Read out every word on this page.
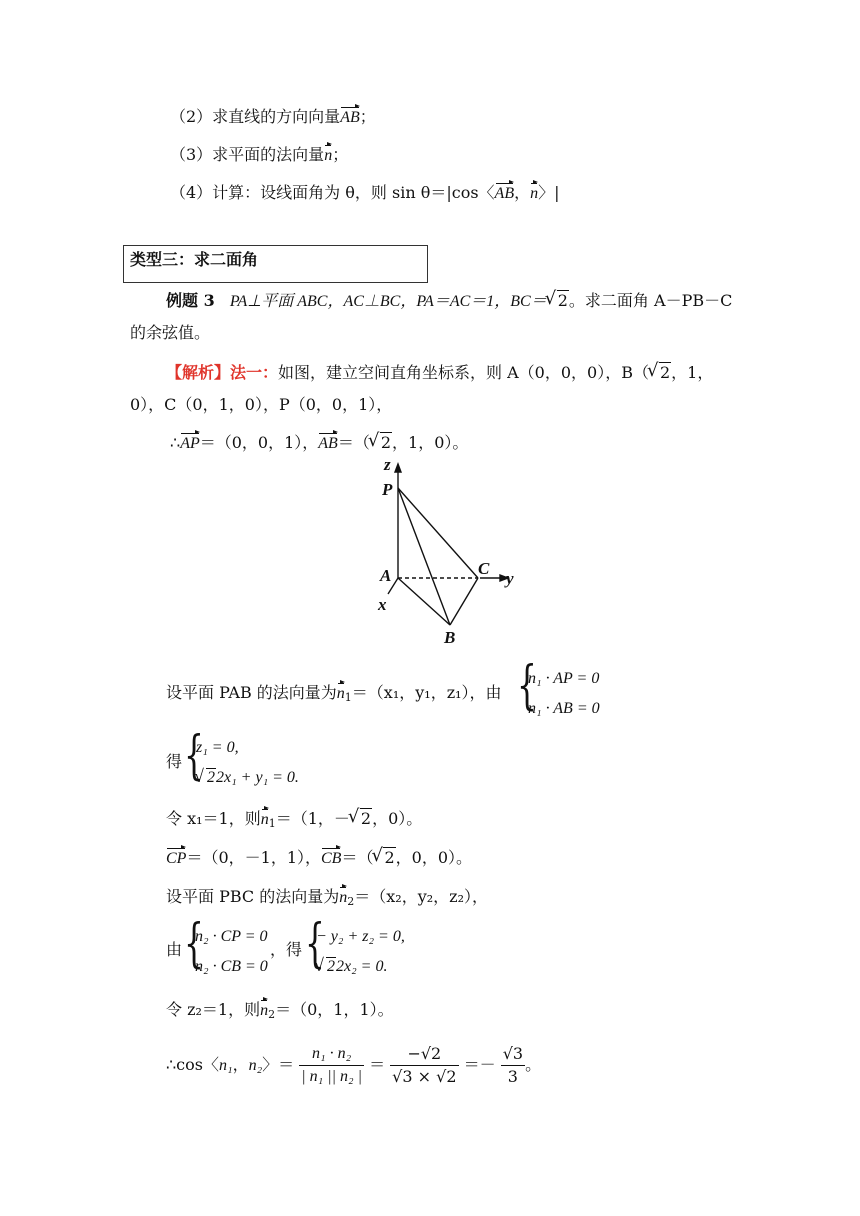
（2）求直线的方向向量AB；
（3）求平面的法向量n；
（4）计算：设线面角为 θ，则 sin θ＝|cos〈AB，n〉|
类型三：求二面角
例题 3 PA⊥平面 ABC，AC⊥BC，PA＝AC＝1，BC＝ √ 2。求二面角 A－PB－C
的余弦值。
【解析】法一：如图，建立空间直角坐标系，则 A（0，0，0），B（ √ 2，1，
0），C（0，1，0），P（0，0，1），
∴AP＝（0，0，1），AB＝（ √ 2，1，0）。
z
P
A	C
y
x
B
设平面 PAB 的法向量为$n_1=(x_1$，y₁，z₁），由 {
n₁ · AP = 0
n₁ · AB = 0
得 {
z₁ = 0,
√ 22x₁ + y₁ = 0.
令 x₁＝1，则$n_1=(1$，－ √ 2，0）。
CP＝（0，－1，1），CB＝（ √ 2，0，0）。
设平面 PBC 的法向量为$n_2=(x_2$，y₂，z₂），
由 {
n₂ · CP = 0
n₂ · CB = 0
，得 {
− y₂ + z₂ = 0,
√ 22x₂ = 0.
令 z₂＝1，则$n_2=(0$，1，1）。
∴cos〈n₁，n₂〉＝ $\frac{\text{n₁ · n₂}}{\text{| n₁ || n₂ |}} = \frac{-√2}{√3 \times √2} =- \frac{√3}{3}$ 。
